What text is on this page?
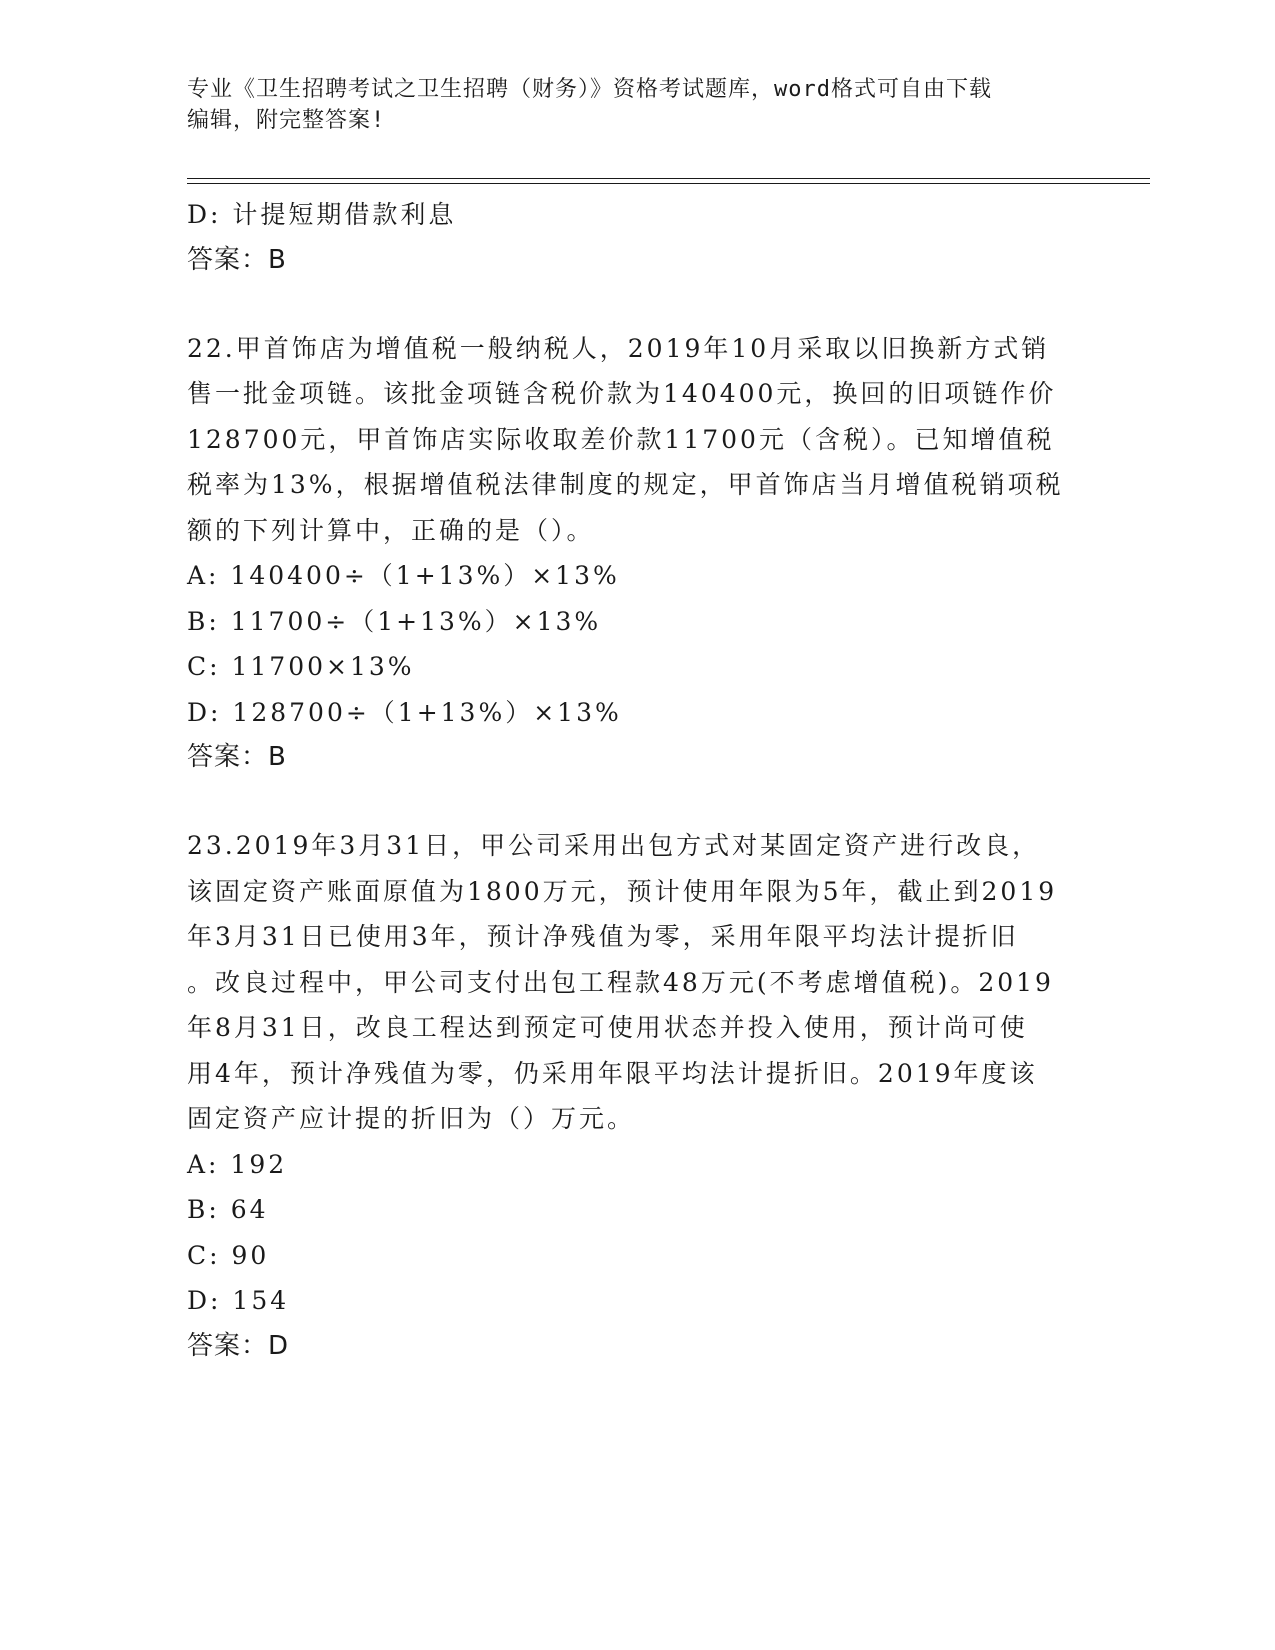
专业《卫生招聘考试之卫生招聘（财务）》资格考试题库，word格式可自由下载
编辑，附完整答案!
D: 计提短期借款利息
答案：B
22.甲首饰店为增值税一般纳税人，2019年10月采取以旧换新方式销
售一批金项链。该批金项链含税价款为140400元，换回的旧项链作价
128700元，甲首饰店实际收取差价款11700元（含税）。已知增值税
税率为13%，根据增值税法律制度的规定，甲首饰店当月增值税销项税
额的下列计算中，正确的是（）。
A: 140400÷（1+13%）×13%
B: 11700÷（1+13%）×13%
C: 11700×13%
D: 128700÷（1+13%）×13%
答案：B
23.2019年3月31日，甲公司采用出包方式对某固定资产进行改良，
该固定资产账面原值为1800万元，预计使用年限为5年，截止到2019
年3月31日已使用3年，预计净残值为零，采用年限平均法计提折旧
。改良过程中，甲公司支付出包工程款48万元(不考虑增值税)。2019
年8月31日，改良工程达到预定可使用状态并投入使用，预计尚可使
用4年，预计净残值为零，仍采用年限平均法计提折旧。2019年度该
固定资产应计提的折旧为（）万元。
A: 192
B: 64
C: 90
D: 154
答案：D
